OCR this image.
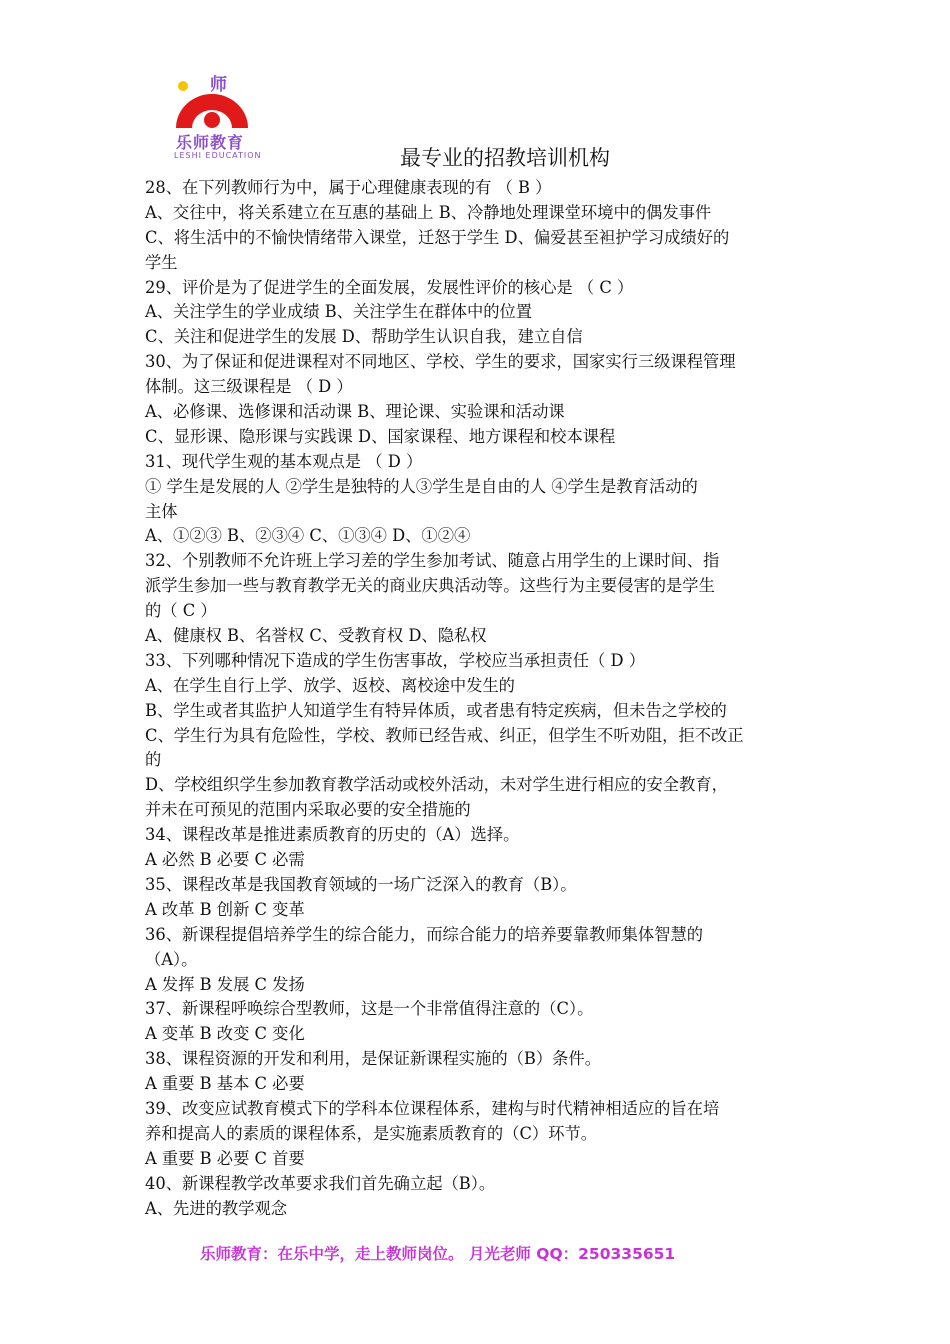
师
乐师教育
LESHI EDUCATION	最专业的招教培训机构
28、在下列教师行为中，属于心理健康表现的有 （ B ）
A、交往中，将关系建立在互惠的基础上 B、冷静地处理课堂环境中的偶发事件
C、将生活中的不愉快情绪带入课堂，迁怒于学生 D、偏爱甚至袒护学习成绩好的
学生
29、评价是为了促进学生的全面发展，发展性评价的核心是 （ C ）
A、关注学生的学业成绩 B、关注学生在群体中的位置
C、关注和促进学生的发展 D、帮助学生认识自我，建立自信
30、为了保证和促进课程对不同地区、学校、学生的要求，国家实行三级课程管理
体制。这三级课程是 （ D ）
A、必修课、选修课和活动课 B、理论课、实验课和活动课
C、显形课、隐形课与实践课 D、国家课程、地方课程和校本课程
31、现代学生观的基本观点是 （ D ）
① 学生是发展的人 ②学生是独特的人③学生是自由的人 ④学生是教育活动的
主体
A、①②③ B、②③④ C、①③④ D、①②④
32、个别教师不允许班上学习差的学生参加考试、随意占用学生的上课时间、指
派学生参加一些与教育教学无关的商业庆典活动等。这些行为主要侵害的是学生
的（ C ）
A、健康权 B、名誉权 C、受教育权 D、隐私权
33、下列哪种情况下造成的学生伤害事故，学校应当承担责任（ D ）
A、在学生自行上学、放学、返校、离校途中发生的
B、学生或者其监护人知道学生有特异体质，或者患有特定疾病，但未告之学校的
C、学生行为具有危险性，学校、教师已经告戒、纠正，但学生不听劝阻，拒不改正
的
D、学校组织学生参加教育教学活动或校外活动，未对学生进行相应的安全教育，
并未在可预见的范围内采取必要的安全措施的
34、课程改革是推进素质教育的历史的（A）选择。
A 必然 B 必要 C 必需
35、课程改革是我国教育领域的一场广泛深入的教育（B）。
A 改革 B 创新 C 变革
36、新课程提倡培养学生的综合能力，而综合能力的培养要靠教师集体智慧的
（A）。
A 发挥 B 发展 C 发扬
37、新课程呼唤综合型教师，这是一个非常值得注意的（C）。
A 变革 B 改变 C 变化
38、课程资源的开发和利用，是保证新课程实施的（B）条件。
A 重要 B 基本 C 必要
39、改变应试教育模式下的学科本位课程体系，建构与时代精神相适应的旨在培
养和提高人的素质的课程体系，是实施素质教育的（C）环节。
A 重要 B 必要 C 首要
40、新课程教学改革要求我们首先确立起（B）。
A、先进的教学观念
乐师教育：在乐中学，走上教师岗位。 月光老师 QQ：250335651
